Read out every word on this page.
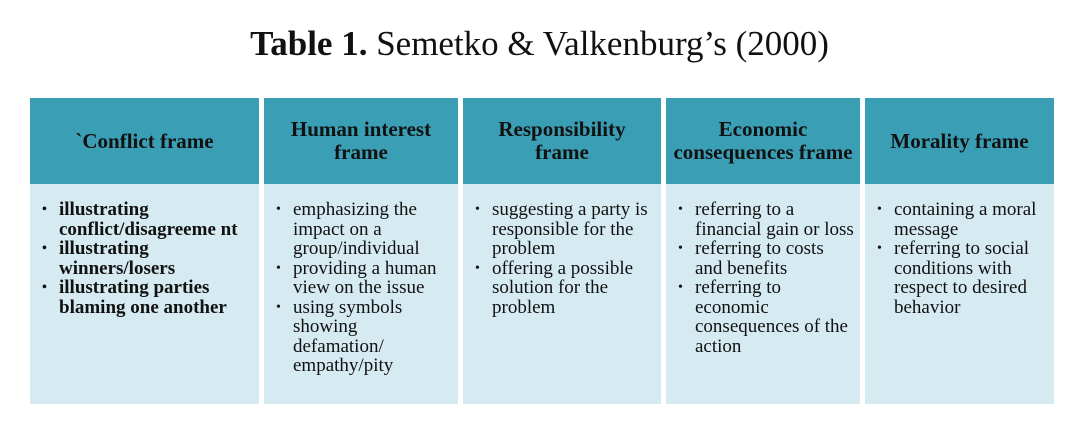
Table 1. Semetko & Valkenburg’s (2000)
`Conflict frame
• illustrating conflict/disagreeme nt
• illustrating winners/losers
• illustrating parties blaming one another
Human interest frame
• emphasizing the impact on a group/individual
• providing a human view on the issue
• using symbols showing defamation/ empathy/pity
Responsibility frame
• suggesting a party is responsible for the problem
• offering a possible solution for the problem
Economic consequences frame
• referring to a financial gain or loss
• referring to costs and benefits
• referring to economic consequences of the action
Morality frame
• containing a moral message
• referring to social conditions with respect to desired behavior
